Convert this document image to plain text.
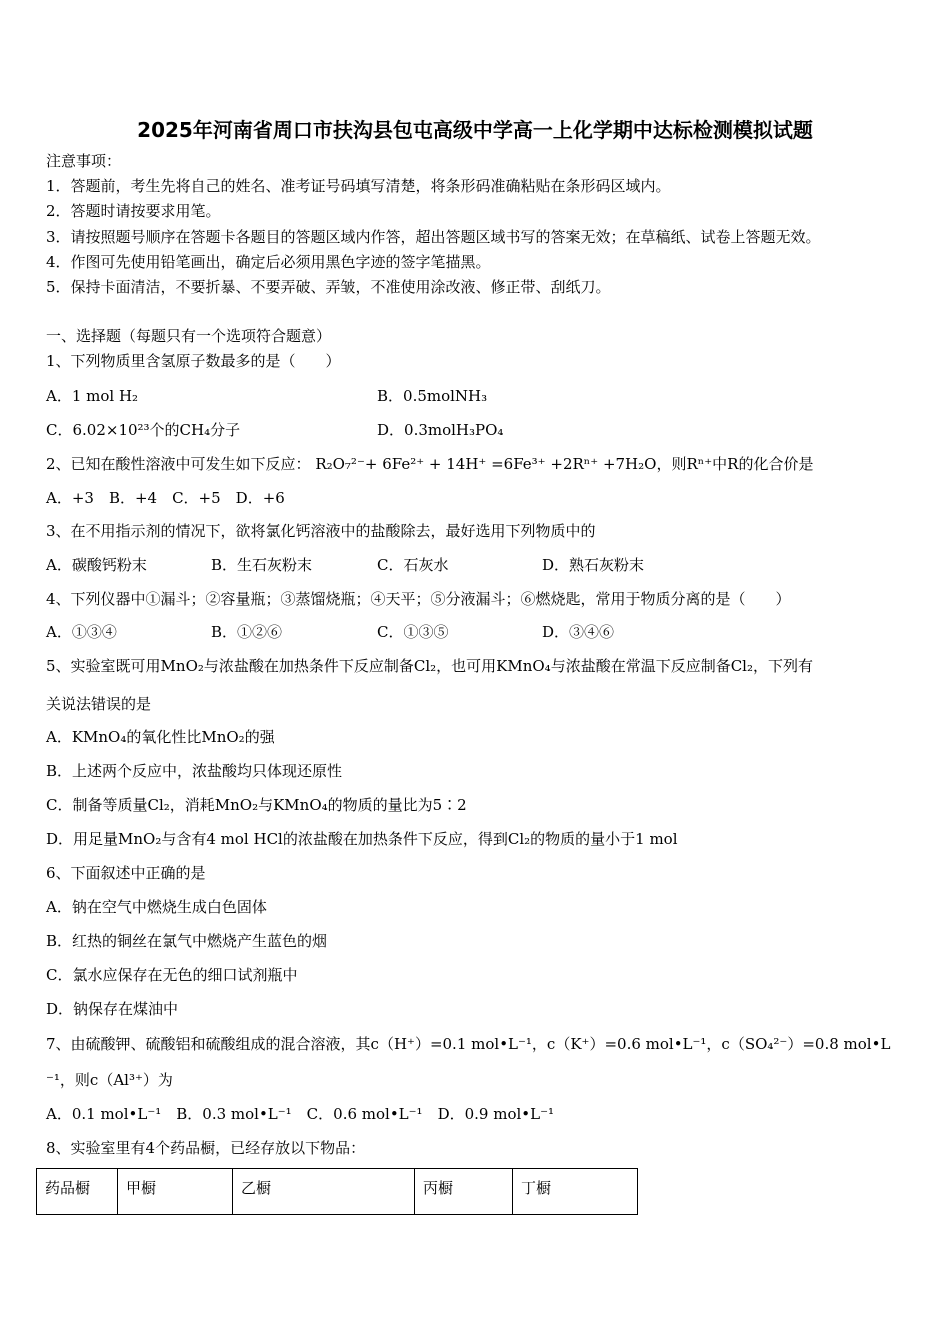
2025年河南省周口市扶沟县包屯高级中学高一上化学期中达标检测模拟试题
注意事项：
1．答题前，考生先将自己的姓名、准考证号码填写清楚，将条形码准确粘贴在条形码区域内。
2．答题时请按要求用笔。
3．请按照题号顺序在答题卡各题目的答题区域内作答，超出答题区域书写的答案无效；在草稿纸、试卷上答题无效。
4．作图可先使用铅笔画出，确定后必须用黑色字迹的签字笔描黑。
5．保持卡面清洁，不要折暴、不要弄破、弄皱，不准使用涂改液、修正带、刮纸刀。
一、选择题（每题只有一个选项符合题意）
1、下列物质里含氢原子数最多的是（　　）
A．1 mol H₂	B．0.5molNH₃
C．6.02×10²³个的CH₄分子	D．0.3molH₃PO₄
2、已知在酸性溶液中可发生如下反应： R₂O₇²⁻+ 6Fe²⁺ + 14H⁺ =6Fe³⁺ +2Rⁿ⁺ +7H₂O，则Rⁿ⁺中R的化合价是
A．+3　B．+4　C．+5　D．+6
3、在不用指示剂的情况下，欲将氯化钙溶液中的盐酸除去，最好选用下列物质中的
A．碳酸钙粉末	B．生石灰粉末	C．石灰水	D．熟石灰粉末
4、下列仪器中①漏斗；②容量瓶；③蒸馏烧瓶；④天平；⑤分液漏斗；⑥燃烧匙，常用于物质分离的是（　　）
A．①③④	B．①②⑥	C．①③⑤	D．③④⑥
5、实验室既可用MnO₂与浓盐酸在加热条件下反应制备Cl₂，也可用KMnO₄与浓盐酸在常温下反应制备Cl₂，下列有
关说法错误的是
A．KMnO₄的氧化性比MnO₂的强
B．上述两个反应中，浓盐酸均只体现还原性
C．制备等质量Cl₂，消耗MnO₂与KMnO₄的物质的量比为5∶2
D．用足量MnO₂与含有4 mol HCl的浓盐酸在加热条件下反应，得到Cl₂的物质的量小于1 mol
6、下面叙述中正确的是
A．钠在空气中燃烧生成白色固体
B．红热的铜丝在氯气中燃烧产生蓝色的烟
C．氯水应保存在无色的细口试剂瓶中
D．钠保存在煤油中
7、由硫酸钾、硫酸铝和硫酸组成的混合溶液，其c（H⁺）=0.1 mol•L⁻¹，c（K⁺）=0.6 mol•L⁻¹，c（SO₄²⁻）=0.8 mol•L
⁻¹，则c（Al³⁺）为
A．0.1 mol•L⁻¹　B．0.3 mol•L⁻¹　C．0.6 mol•L⁻¹　D．0.9 mol•L⁻¹
8、实验室里有4个药品橱，已经存放以下物品：
药品橱	甲橱	乙橱	丙橱	丁橱
